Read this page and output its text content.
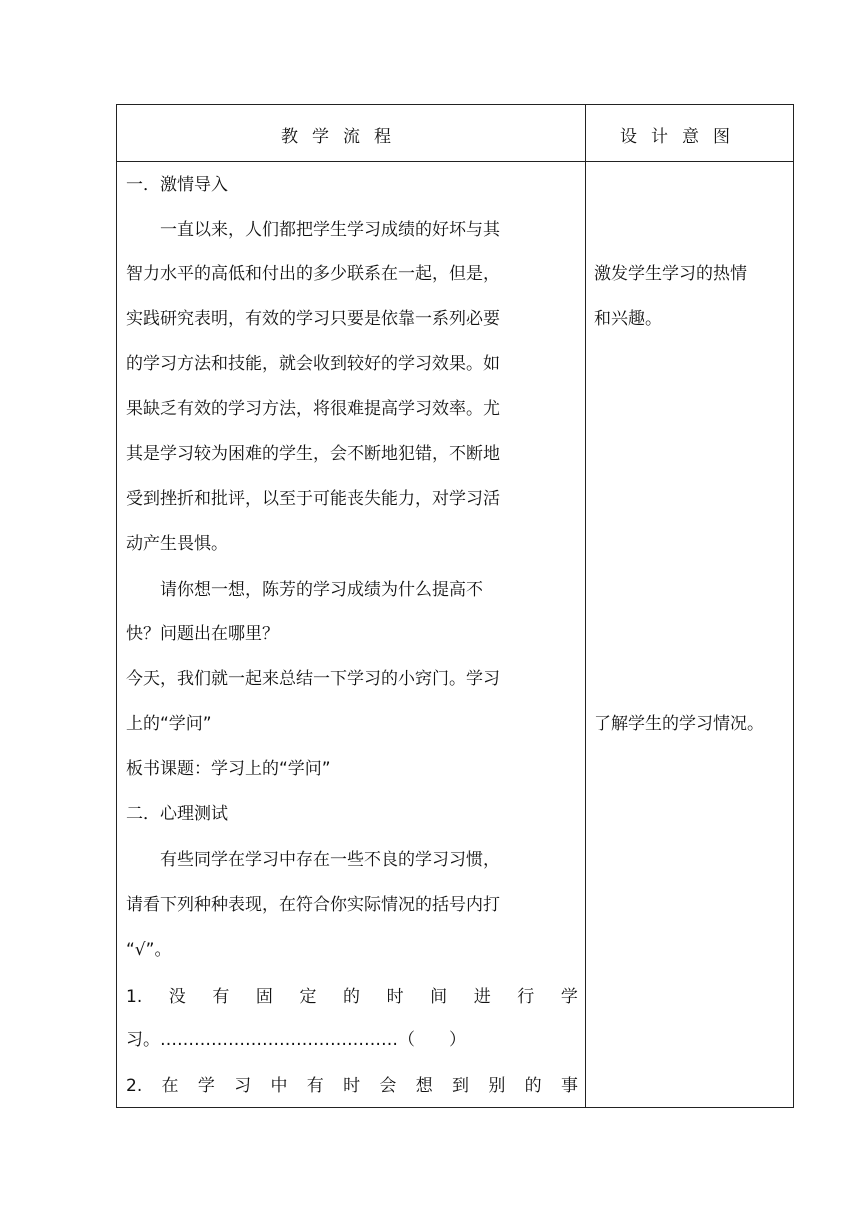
教学流程	设计意图
一．激情导入
　　一直以来，人们都把学生学习成绩的好坏与其
智力水平的高低和付出的多少联系在一起，但是，
实践研究表明，有效的学习只要是依靠一系列必要
的学习方法和技能，就会收到较好的学习效果。如
果缺乏有效的学习方法，将很难提高学习效率。尤
其是学习较为困难的学生，会不断地犯错，不断地
受到挫折和批评，以至于可能丧失能力，对学习活
动产生畏惧。
　　请你想一想，陈芳的学习成绩为什么提高不
快？问题出在哪里？
今天，我们就一起来总结一下学习的小窍门。学习
上的“学问”
板书课题：学习上的“学问”
二．心理测试
　　有些同学在学习中存在一些不良的学习习惯，
请看下列种种表现，在符合你实际情况的括号内打
“√”。
1. 没 有 固 定 的 时 间 进 行 学
习。……………………………………（　　）
2. 在 学 习 中 有 时 会 想 到 别 的 事
激发学生学习的热情
和兴趣。
了解学生的学习情况。
